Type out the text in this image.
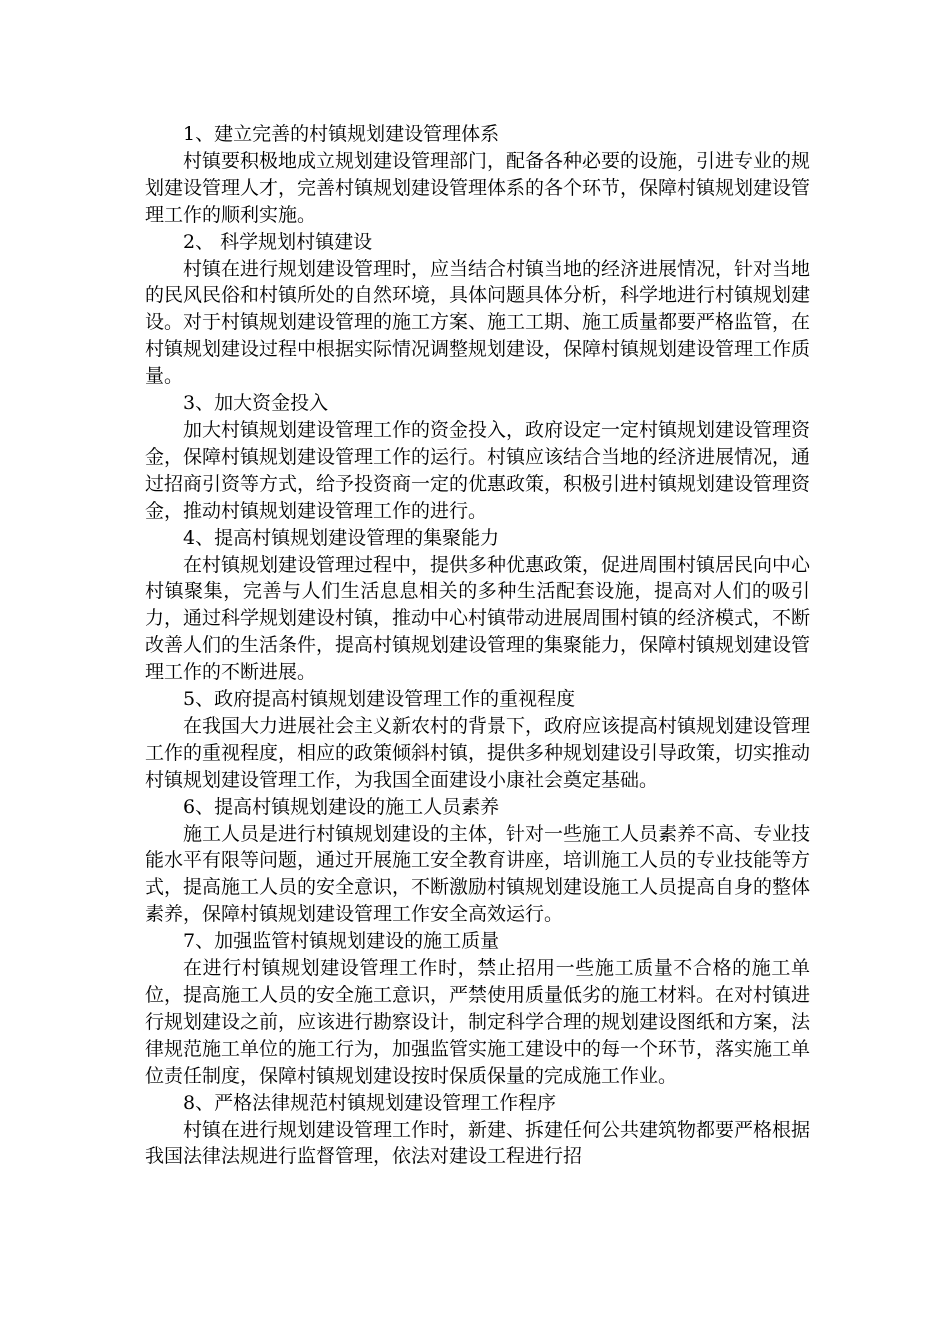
1、建立完善的村镇规划建设管理体系

村镇要积极地成立规划建设管理部门，配备各种必要的设施，引进专业的规划建设管理人才，完善村镇规划建设管理体系的各个环节，保障村镇规划建设管理工作的顺利实施。

2、 科学规划村镇建设

村镇在进行规划建设管理时，应当结合村镇当地的经济进展情况，针对当地的民风民俗和村镇所处的自然环境，具体问题具体分析，科学地进行村镇规划建设。对于村镇规划建设管理的施工方案、施工工期、施工质量都要严格监管，在村镇规划建设过程中根据实际情况调整规划建设，保障村镇规划建设管理工作质量。

3、加大资金投入

加大村镇规划建设管理工作的资金投入，政府设定一定村镇规划建设管理资金，保障村镇规划建设管理工作的运行。村镇应该结合当地的经济进展情况，通过招商引资等方式，给予投资商一定的优惠政策，积极引进村镇规划建设管理资金，推动村镇规划建设管理工作的进行。

4、提高村镇规划建设管理的集聚能力

在村镇规划建设管理过程中，提供多种优惠政策，促进周围村镇居民向中心村镇聚集，完善与人们生活息息相关的多种生活配套设施，提高对人们的吸引力，通过科学规划建设村镇，推动中心村镇带动进展周围村镇的经济模式，不断改善人们的生活条件，提高村镇规划建设管理的集聚能力，保障村镇规划建设管理工作的不断进展。

5、政府提高村镇规划建设管理工作的重视程度

在我国大力进展社会主义新农村的背景下，政府应该提高村镇规划建设管理工作的重视程度，相应的政策倾斜村镇，提供多种规划建设引导政策，切实推动村镇规划建设管理工作，为我国全面建设小康社会奠定基础。

6、提高村镇规划建设的施工人员素养

施工人员是进行村镇规划建设的主体，针对一些施工人员素养不高、专业技能水平有限等问题，通过开展施工安全教育讲座，培训施工人员的专业技能等方式，提高施工人员的安全意识，不断激励村镇规划建设施工人员提高自身的整体素养，保障村镇规划建设管理工作安全高效运行。

7、加强监管村镇规划建设的施工质量

在进行村镇规划建设管理工作时，禁止招用一些施工质量不合格的施工单位，提高施工人员的安全施工意识，严禁使用质量低劣的施工材料。在对村镇进行规划建设之前，应该进行勘察设计，制定科学合理的规划建设图纸和方案，法律规范施工单位的施工行为，加强监管实施工建设中的每一个环节，落实施工单位责任制度，保障村镇规划建设按时保质保量的完成施工作业。

8、严格法律规范村镇规划建设管理工作程序

村镇在进行规划建设管理工作时，新建、拆建任何公共建筑物都要严格根据我国法律法规进行监督管理，依法对建设工程进行招
